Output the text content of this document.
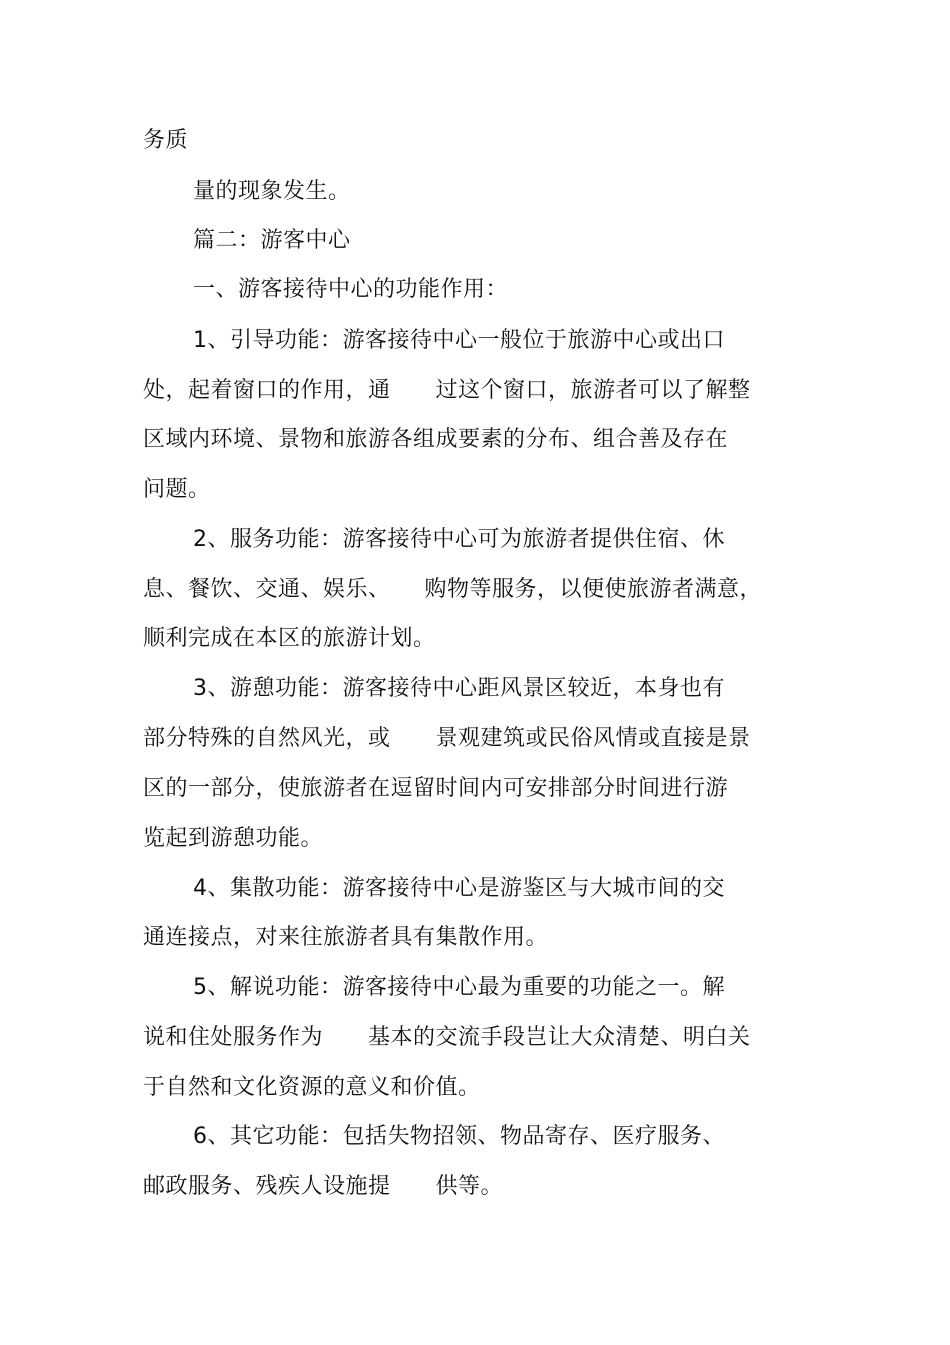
务质
量的现象发生。
篇二：游客中心
一、游客接待中心的功能作用：
1、引导功能：游客接待中心一般位于旅游中心或出口
处，起着窗口的作用，通　　过这个窗口，旅游者可以了解整
区域内环境、景物和旅游各组成要素的分布、组合善及存在
问题。
2、服务功能：游客接待中心可为旅游者提供住宿、休
息、餐饮、交通、娱乐、　　购物等服务，以便使旅游者满意，
顺利完成在本区的旅游计划。
3、游憩功能：游客接待中心距风景区较近，本身也有
部分特殊的自然风光，或　　景观建筑或民俗风情或直接是景
区的一部分，使旅游者在逗留时间内可安排部分时间进行游
览起到游憩功能。
4、集散功能：游客接待中心是游鉴区与大城市间的交
通连接点，对来往旅游者具有集散作用。
5、解说功能：游客接待中心最为重要的功能之一。解
说和住处服务作为　　基本的交流手段岂让大众清楚、明白关
于自然和文化资源的意义和价值。
6、其它功能：包括失物招领、物品寄存、医疗服务、
邮政服务、残疾人设施提　　供等。
